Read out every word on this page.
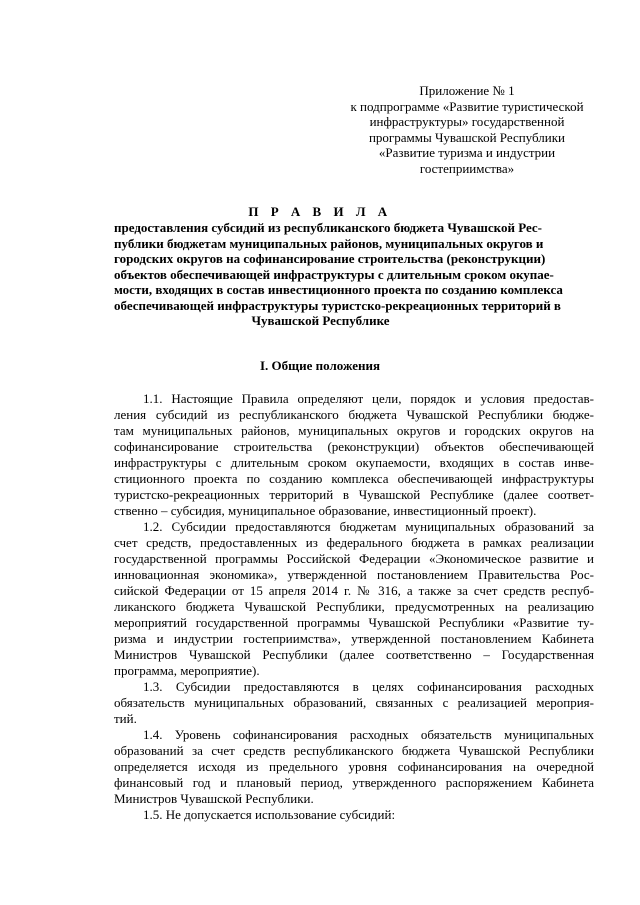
Приложение № 1
к подпрограмме «Развитие туристической
инфраструктуры» государственной
программы Чувашской Республики
«Развитие туризма и индустрии
гостеприимства»
П Р А В И Л А
предоставления субсидий из республиканского бюджета Чувашской Рес-
публики бюджетам муниципальных районов, муниципальных округов и
городских округов на софинансирование строительства (реконструкции)
объектов обеспечивающей инфраструктуры с длительным сроком окупае-
мости, входящих в состав инвестиционного проекта по созданию комплекса
обеспечивающей инфраструктуры туристско-рекреационных территорий в
Чувашской Республике
I. Общие положения
1.1. Настоящие Правила определяют цели, порядок и условия предостав-
ления субсидий из республиканского бюджета Чувашской Республики бюдже-
там муниципальных районов, муниципальных округов и городских округов на
софинансирование строительства (реконструкции) объектов обеспечивающей
инфраструктуры с длительным сроком окупаемости, входящих в состав инве-
стиционного проекта по созданию комплекса обеспечивающей инфраструктуры
туристско-рекреационных территорий в Чувашской Республике (далее соответ-
ственно – субсидия, муниципальное образование, инвестиционный проект).
1.2. Субсидии предоставляются бюджетам муниципальных образований за
счет средств, предоставленных из федерального бюджета в рамках реализации
государственной программы Российской Федерации «Экономическое развитие и
инновационная экономика», утвержденной постановлением Правительства Рос-
сийской Федерации от 15 апреля 2014 г. № 316, а также за счет средств респуб-
ликанского бюджета Чувашской Республики, предусмотренных на реализацию
мероприятий государственной программы Чувашской Республики «Развитие ту-
ризма и индустрии гостеприимства», утвержденной постановлением Кабинета
Министров Чувашской Республики (далее соответственно – Государственная
программа, мероприятие).
1.3. Субсидии предоставляются в целях софинансирования расходных
обязательств муниципальных образований, связанных с реализацией мероприя-
тий.
1.4. Уровень софинансирования расходных обязательств муниципальных
образований за счет средств республиканского бюджета Чувашской Республики
определяется исходя из предельного уровня софинансирования на очередной
финансовый год и плановый период, утвержденного распоряжением Кабинета
Министров Чувашской Республики.
1.5. Не допускается использование субсидий:
